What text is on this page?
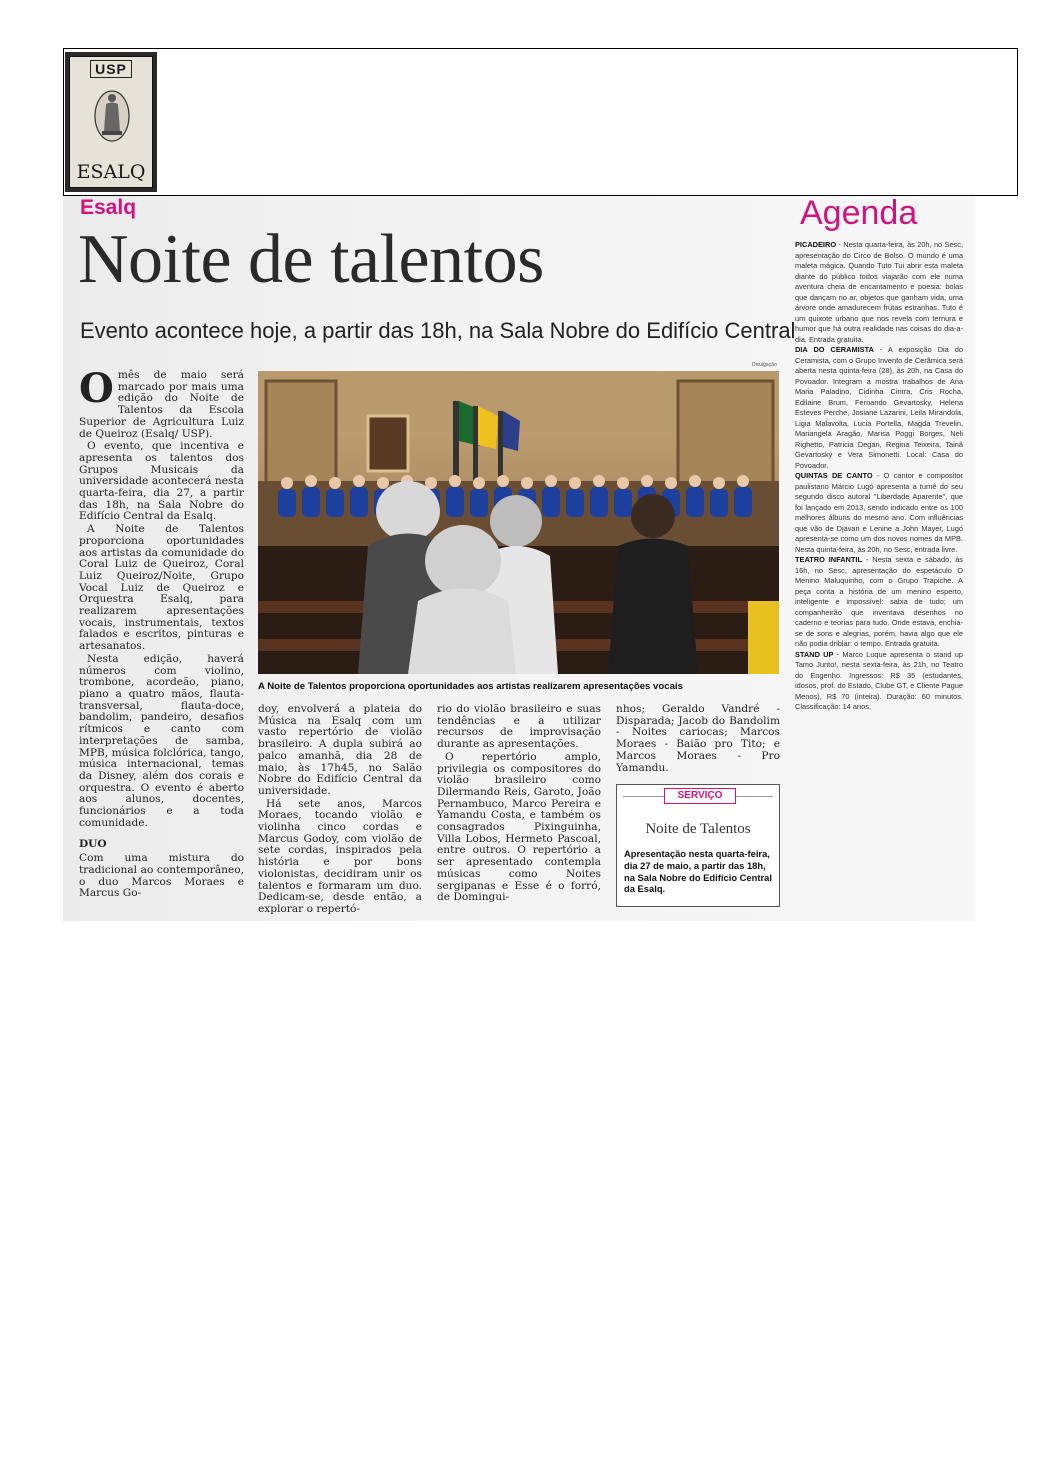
USP
ESALQ
Esalq
Noite de talentos
Evento acontece hoje, a partir das 18h, na Sala Nobre do Edifício Central

Omês de maio será marcado por mais uma edição do Noite de Talentos da Escola Superior de Agricultura Luiz de Queiroz (Esalq/ USP).

O evento, que incentiva e apresenta os talentos dos Grupos Musicais da universidade acontecerá nesta quarta-feira, dia 27, a partir das 18h, na Sala Nobre do Edifício Central da Esalq.

A Noite de Talentos proporciona oportunidades aos artistas da comunidade do Coral Luiz de Queiroz, Coral Luiz Queiroz/Noite, Grupo Vocal Luiz de Queiroz e Orquestra Esalq, para realizarem apresentações vocais, instrumentais, textos falados e escritos, pinturas e artesanatos.

Nesta edição, haverá números com violino, trombone, acordeão, piano, piano a quatro mãos, flauta-transversal, flauta-doce, bandolim, pandeiro, desafios rítmicos e canto com interpretações de samba, MPB, música folclórica, tango, música internacional, temas da Disney, além dos corais e orquestra. O evento é aberto aos alunos, docentes, funcionários e a toda comunidade.

DUO

Com uma mistura do tradicional ao contemporâneo, o duo Marcos Moraes e Marcus Go-

doy, envolverá a plateia do Música na Esalq com um vasto repertório de violão brasileiro. A dupla subirá ao palco amanhã, dia 28 de maio, às 17h45, no Salão Nobre do Edifício Central da universidade.

Há sete anos, Marcos Moraes, tocando violão e violinha cinco cordas e Marcus Godoy, com violão de sete cordas, inspirados pela história e por bons violonistas, decidiram unir os talentos e formaram um duo. Dedicam-se, desde então, a explorar o repertó-

rio do violão brasileiro e suas tendências e a utilizar recursos de improvisação durante as apresentações.

O repertório amplo, privilegia os compositores do violão brasileiro como Dilermando Reis, Garoto, João Pernambuco, Marco Pereira e Yamandu Costa, e também os consagrados Pixinguinha, Villa Lobos, Hermeto Pascoal, entre outros. O repertório a ser apresentado contempla músicas como Noites sergipanas e Esse é o forró, de Domingui-

nhos; Geraldo Vandré - Disparada; Jacob do Bandolim - Noites cariocas; Marcos Moraes - Baião pro Tito; e Marcos Moraes - Pro Yamandu.

Divulgação
A Noite de Talentos proporciona oportunidades aos artistas realizarem apresentações vocais
SERVIÇO
Noite de Talentos
Apresentação nesta quarta-feira, dia 27 de maio, a partir das 18h, na Sala Nobre do Edifício Central da Esalq.
Agenda

PICADEIRO - Nesta quarta-feira, às 20h, no Sesc, apresentação do Circo de Bolso. O mundo é uma maleta mágica. Quando Tuto Tui abrir esta maleta diante do público todos viajarão com ele numa aventura cheia de encantamento e poesia: bolas que dançam no ar, objetos que ganham vida, uma árvore onde amadurecem frutas estranhas. Tuto é um quixote urbano que nos revela com ternura e humor que há outra realidade nas coisas do dia-a-dia. Entrada gratuita.

DIA DO CERAMISTA - A exposição Dia do Ceramista, com o Grupo Invento de Cerâmica será aberta nesta quinta-feira (28), às 20h, na Casa do Povoador. Integram a mostra trabalhos de Ana Maria Paladino, Cidinha Cintra, Cris Rocha, Edilaine Brum, Fernando Gevartosky, Helena Esteves Perche, Josiane Lazarini, Leila Mirandola, Ligia Malavolta, Lucia Portella, Magda Trevelin, Mariangela Aragão, Marisa Poggi Borges, Neli Righetto, Patricia Degan, Regina Teixeira, Tainã Gevartosky e Vera Simonetti. Local: Casa do Povoador.

QUINTAS DE CANTO - O cantor e compositor paulistano Márcio Lugó apresenta a turnê do seu segundo disco autoral "Liberdade Aparente", que foi lançado em 2013, sendo indicado entre os 100 melhores álbuns do mesmo ano. Com influências que vão de Djavan e Lenine a John Mayer, Lugó apresenta-se como um dos novos nomes da MPB. Nesta quinta-feira, às 20h, no Sesc, entrada livre.

TEATRO INFANTIL - Nesta sexta e sábado, às 16h, no Sesc, apresentação do espetáculo O Menino Maluquinho, com o Grupo Trapiche. A peça conta a história de um menino esperto, inteligente e impossível: sabia de tudo; um companheirão que inventava desenhos no caderno e teorias para tudo. Onde estava, enchia-se de sons e alegrias, porém, havia algo que ele não podia driblar: o tempo. Entrada gratuita.

STAND UP - Marco Luque apresenta o stand up Tamo Junto!, nesta sexta-feira, às 21h, no Teatro do Engenho. Ingressos: R$ 35 (estudantes, idosos, prof. do Estado, Clube GT, e Cliente Pague Menos), R$ 70 (inteira). Duração: 60 minutos. Classificação: 14 anos.
